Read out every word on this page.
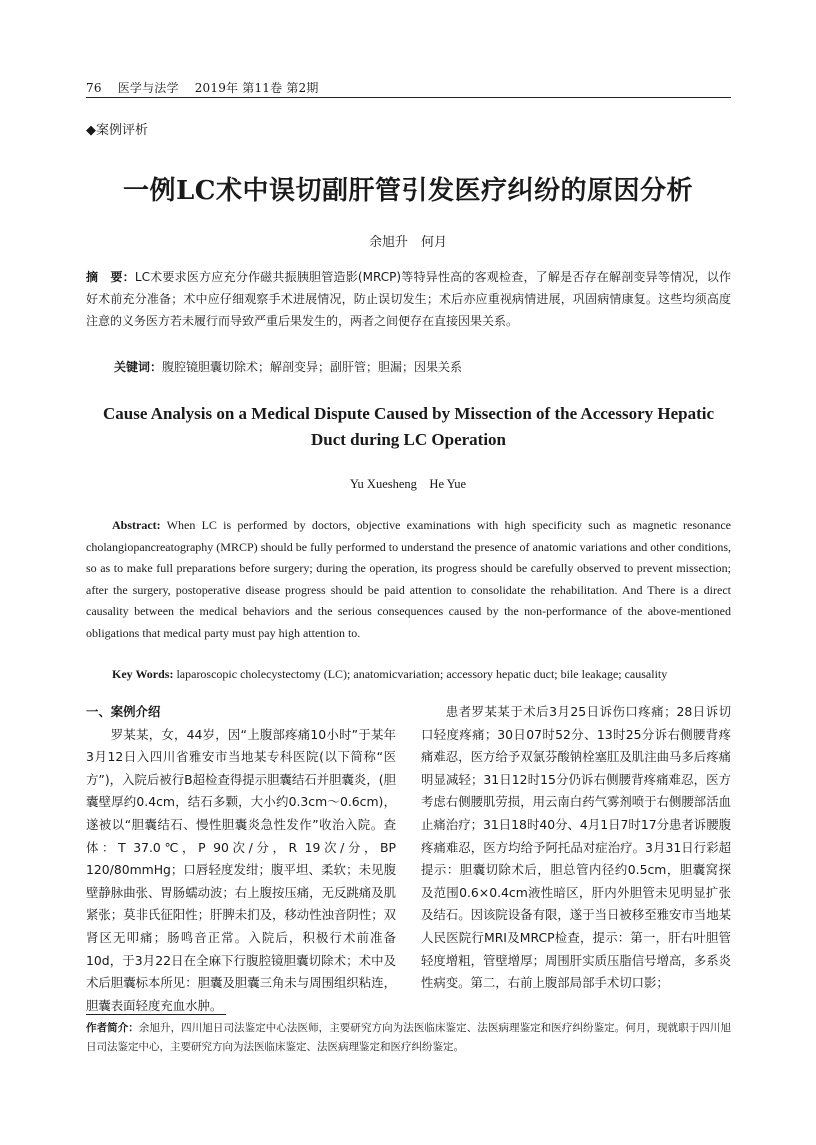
76 医学与法学 2019年 第11卷 第2期
◆案例评析
一例LC术中误切副肝管引发医疗纠纷的原因分析
余旭升　何月
摘　要：LC术要求医方应充分作磁共振胰胆管造影(MRCP)等特异性高的客观检查，了解是否存在解剖变异等情况，以作好术前充分准备；术中应仔细观察手术进展情况，防止误切发生；术后亦应重视病情进展，巩固病情康复。这些均须高度注意的义务医方若未履行而导致严重后果发生的，两者之间便存在直接因果关系。
关键词：腹腔镜胆囊切除术；解剖变异；副肝管；胆漏；因果关系
Cause Analysis on a Medical Dispute Caused by Missection of the Accessory Hepatic Duct during LC Operation
Yu Xuesheng　He Yue
Abstract: When LC is performed by doctors, objective examinations with high specificity such as magnetic resonance cholangiopancreatography (MRCP) should be fully performed to understand the presence of anatomic variations and other conditions, so as to make full preparations before surgery; during the operation, its progress should be carefully observed to prevent missection; after the surgery, postoperative disease progress should be paid attention to consolidate the rehabilitation. And There is a direct causality between the medical behaviors and the serious consequences caused by the non-performance of the above-mentioned obligations that medical party must pay high attention to.
Key Words: laparoscopic cholecystectomy (LC); anatomicvariation; accessory hepatic duct; bile leakage; causality

一、案例介绍

罗某某，女，44岁，因“上腹部疼痛10小时”于某年3月12日入四川省雅安市当地某专科医院(以下简称“医方”)，入院后被行B超检查得提示胆囊结石并胆囊炎，(胆囊壁厚约0.4cm，结石多颗，大小约0.3cm～0.6cm)，遂被以“胆囊结石、慢性胆囊炎急性发作”收治入院。查体：T 37.0℃，P 90次/分，R 19次/分，BP 120/80mmHg；口唇轻度发绀；腹平坦、柔软；未见腹壁静脉曲张、胃肠蠕动波；右上腹按压痛，无反跳痛及肌紧张；莫非氏征阳性；肝脾未扪及，移动性浊音阴性；双肾区无叩痛；肠鸣音正常。入院后，积极行术前准备10d，于3月22日在全麻下行腹腔镜胆囊切除术；术中及术后胆囊标本所见：胆囊及胆囊三角未与周围组织粘连，胆囊表面轻度充血水肿。

患者罗某某于术后3月25日诉伤口疼痛；28日诉切口轻度疼痛；30日07时52分、13时25分诉右侧腰背疼痛难忍，医方给予双氯芬酸钠栓塞肛及肌注曲马多后疼痛明显减轻；31日12时15分仍诉右侧腰背疼痛难忍，医方考虑右侧腰肌劳损，用云南白药气雾剂喷于右侧腰部活血止痛治疗；31日18时40分、4月1日7时17分患者诉腰腹疼痛难忍，医方均给予阿托品对症治疗。3月31日行彩超提示：胆囊切除术后，胆总管内径约0.5cm，胆囊窝探及范围0.6×0.4cm液性暗区，肝内外胆管未见明显扩张及结石。因该院设备有限，遂于当日被移至雅安市当地某人民医院行MRI及MRCP检查，提示：第一，肝右叶胆管轻度增粗，管壁增厚；周围肝实质压脂信号增高，多系炎性病变。第二，右前上腹部局部手术切口影；

作者简介：余旭升，四川旭日司法鉴定中心法医师，主要研究方向为法医临床鉴定、法医病理鉴定和医疗纠纷鉴定。何月，现就职于四川旭日司法鉴定中心，主要研究方向为法医临床鉴定、法医病理鉴定和医疗纠纷鉴定。
